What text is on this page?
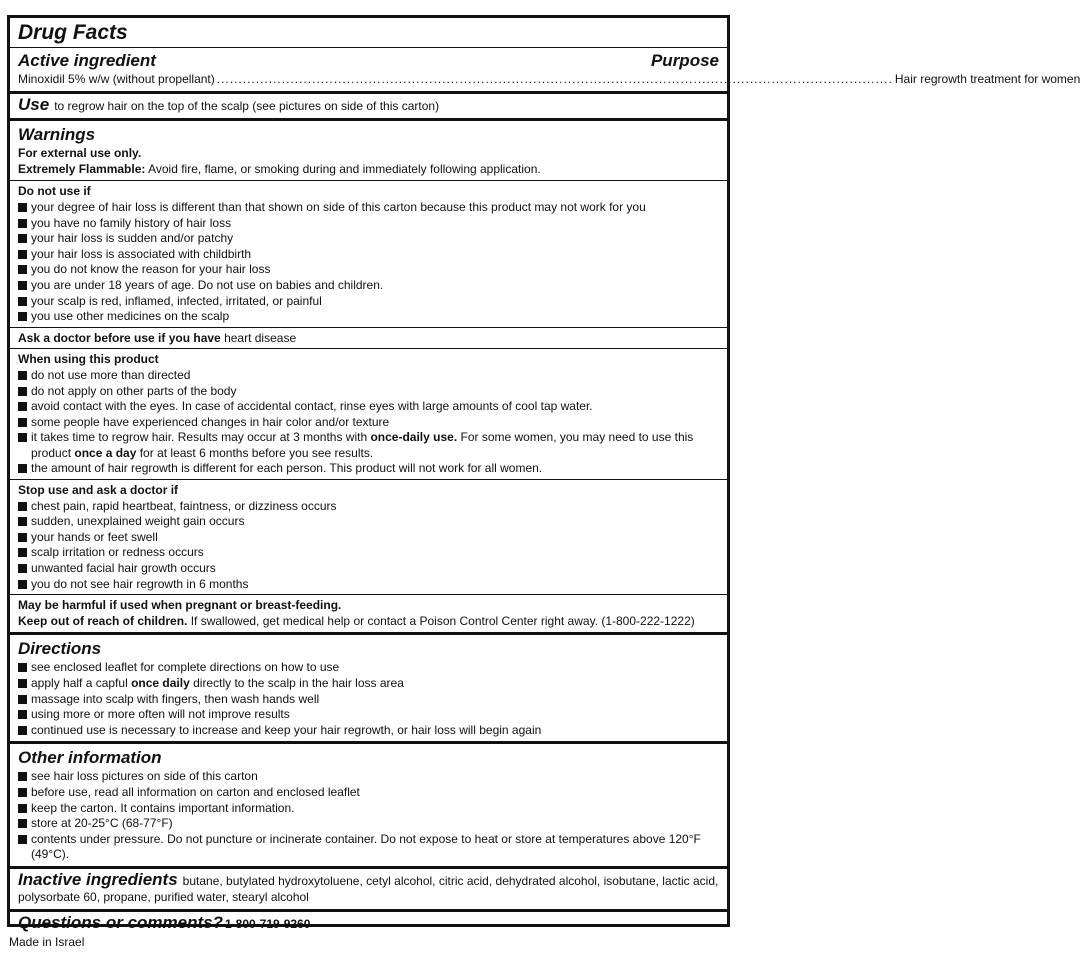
Drug Facts
Active ingredient	Purpose
Minoxidil 5% w/w (without propellant) ............................................................................................................................................................ Hair regrowth treatment for women
Use to regrow hair on the top of the scalp (see pictures on side of this carton)
Warnings
For external use only.
Extremely Flammable: Avoid fire, flame, or smoking during and immediately following application.
Do not use if
your degree of hair loss is different than that shown on side of this carton because this product may not work for you
you have no family history of hair loss
your hair loss is sudden and/or patchy
your hair loss is associated with childbirth
you do not know the reason for your hair loss
you are under 18 years of age. Do not use on babies and children.
your scalp is red, inflamed, infected, irritated, or painful
you use other medicines on the scalp
Ask a doctor before use if you have heart disease
When using this product
do not use more than directed
do not apply on other parts of the body
avoid contact with the eyes. In case of accidental contact, rinse eyes with large amounts of cool tap water.
some people have experienced changes in hair color and/or texture
it takes time to regrow hair. Results may occur at 3 months with once-daily use. For some women, you may need to use this product once a day for at least 6 months before you see results.
the amount of hair regrowth is different for each person. This product will not work for all women.
Stop use and ask a doctor if
chest pain, rapid heartbeat, faintness, or dizziness occurs
sudden, unexplained weight gain occurs
your hands or feet swell
scalp irritation or redness occurs
unwanted facial hair growth occurs
you do not see hair regrowth in 6 months
May be harmful if used when pregnant or breast-feeding.
Keep out of reach of children. If swallowed, get medical help or contact a Poison Control Center right away. (1-800-222-1222)
Directions
see enclosed leaflet for complete directions on how to use
apply half a capful once daily directly to the scalp in the hair loss area
massage into scalp with fingers, then wash hands well
using more or more often will not improve results
continued use is necessary to increase and keep your hair regrowth, or hair loss will begin again
Other information
see hair loss pictures on side of this carton
before use, read all information on carton and enclosed leaflet
keep the carton. It contains important information.
store at 20-25°C (68-77°F)
contents under pressure. Do not puncture or incinerate container. Do not expose to heat or store at temperatures above 120°F (49°C).
Inactive ingredients butane, butylated hydroxytoluene, cetyl alcohol, citric acid, dehydrated alcohol, isobutane, lactic acid, polysorbate 60, propane, purified water, stearyl alcohol
Questions or comments? 1-800-719-9260
Made in Israel
